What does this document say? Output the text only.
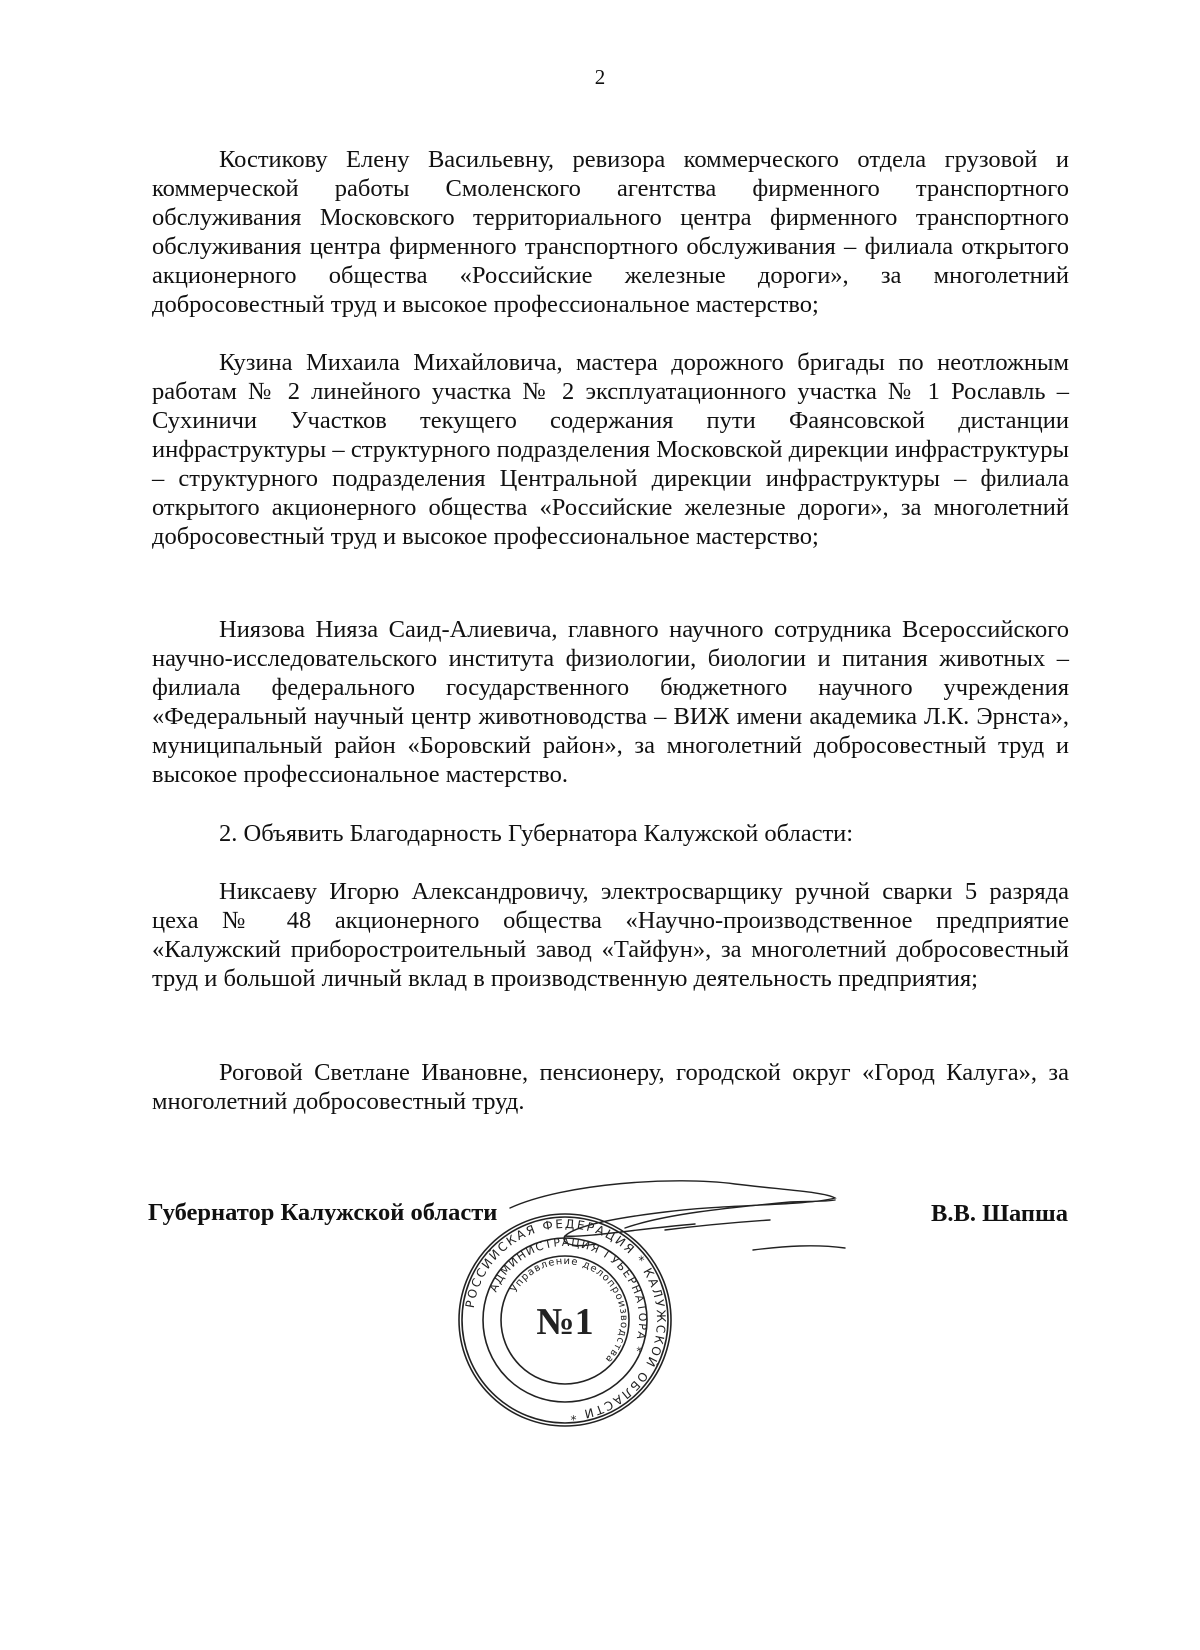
2

Костикову Елену Васильевну, ревизора коммерческого отдела грузовой и коммерческой работы Смоленского агентства фирменного транспортного обслуживания Московского территориального центра фирменного транспортного обслуживания центра фирменного транспортного обслуживания – филиала открытого акционерного общества «Российские железные дороги», за многолетний добросовестный труд и высокое профессиональное мастерство;

Кузина Михаила Михайловича, мастера дорожного бригады по неотложным работам № 2 линейного участка № 2 эксплуатационного участка № 1 Рославль – Сухиничи Участков текущего содержания пути Фаянсовской дистанции инфраструктуры – структурного подразделения Московской дирекции инфраструктуры – структурного подразделения Центральной дирекции инфраструктуры – филиала открытого акционерного общества «Российские железные дороги», за многолетний добросовестный труд и высокое профессиональное мастерство;

Ниязова Нияза Саид-Алиевича, главного научного сотрудника Всероссийского научно-исследовательского института физиологии, биологии и питания животных – филиала федерального государственного бюджетного научного учреждения «Федеральный научный центр животноводства – ВИЖ имени академика Л.К. Эрнста», муниципальный район «Боровский район», за многолетний добросовестный труд и высокое профессиональное мастерство.

2. Объявить Благодарность Губернатора Калужской области:

Никсаеву Игорю Александровичу, электросварщику ручной сварки 5 разряда цеха № 48 акционерного общества «Научно-производственное предприятие «Калужский приборостроительный завод «Тайфун», за многолетний добросовестный труд и большой личный вклад в производственную деятельность предприятия;

Роговой Светлане Ивановне, пенсионеру, городской округ «Город Калуга», за многолетний добросовестный труд.

Губернатор Калужской области	В.В. Шапша
РОССИЙСКАЯ ФЕДЕРАЦИЯ * КАЛУЖСКОЙ ОБЛАСТИ *
АДМИНИСТРАЦИЯ ГУБЕРНАТОРА *
Управление делопроизводства
№1
